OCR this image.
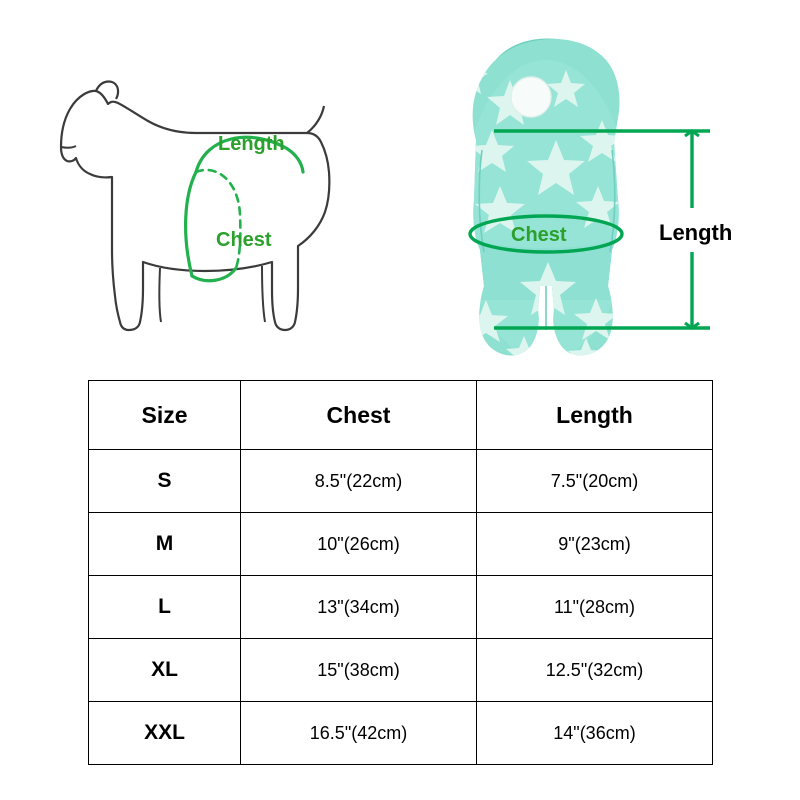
Length
Chest	Chest	Length
Size	Chest	Length
S	8.5"(22cm)	7.5"(20cm)
M	10"(26cm)	9"(23cm)
L	13"(34cm)	11"(28cm)
XL	15"(38cm)	12.5"(32cm)
XXL	16.5"(42cm)	14"(36cm)
